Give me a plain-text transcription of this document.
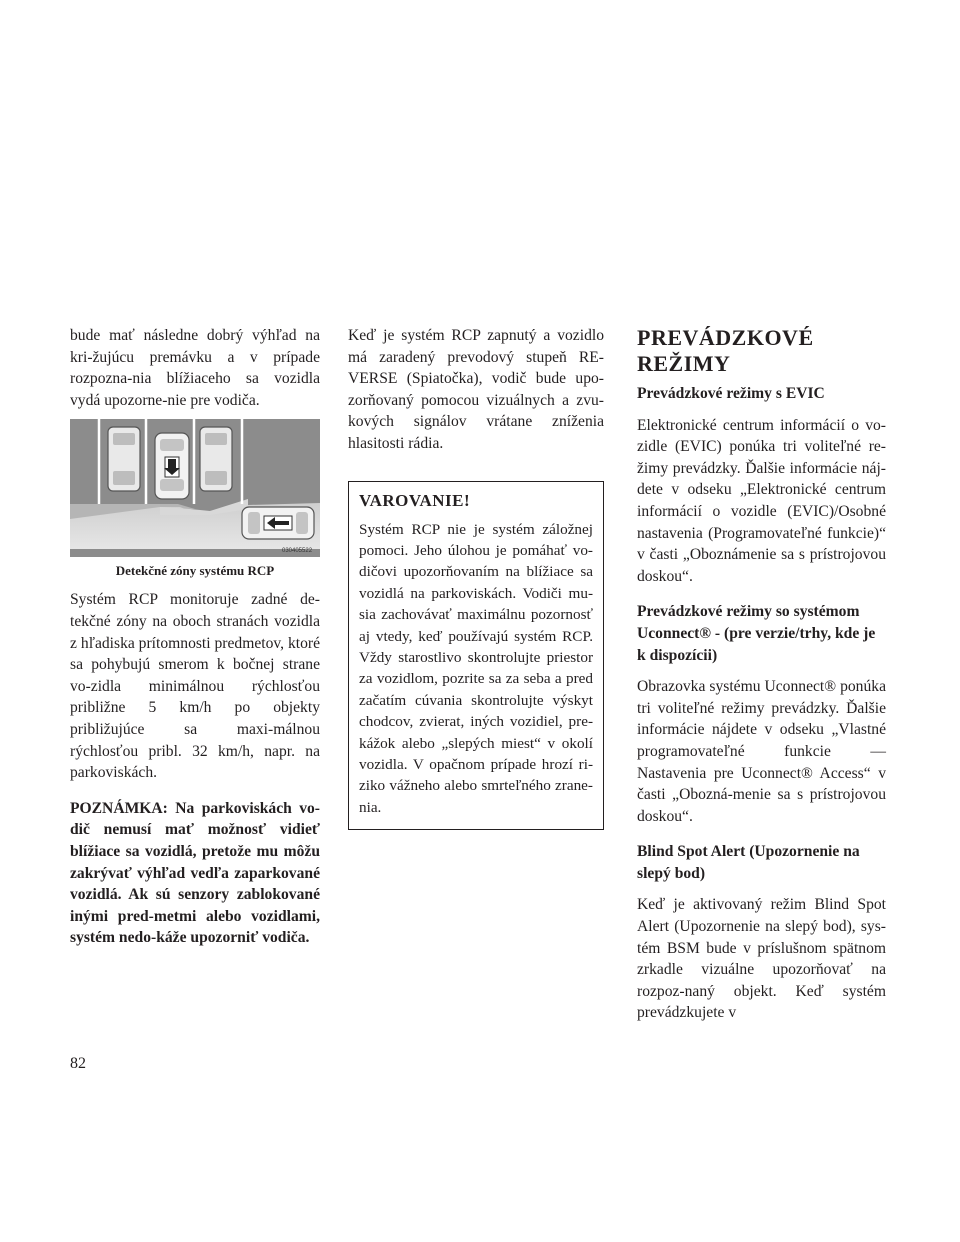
bude mať následne dobrý výhľad na kri-žujúcu premávku a v prípade rozpozna-nia blížiaceho sa vozidla vydá upozorne-nie pre vodiča.

030405522
Detekčné zóny systému RCP

Systém RCP monitoruje zadné de-tekčné zóny na oboch stranách vozidla z hľadiska prítomnosti predmetov, ktoré sa pohybujú smerom k bočnej strane vo-zidla minimálnou rýchlosťou približne 5 km/h po objekty približujúce sa maxi-málnou rýchlosťou pribl. 32 km/h, napr. na parkoviskách.

POZNÁMKA: Na parkoviskách vo-dič nemusí mať možnosť vidieť blížiace sa vozidlá, pretože mu môžu zakrývať výhľad vedľa zaparkované vozidlá. Ak sú senzory zablokované inými pred-metmi alebo vozidlami, systém nedo-káže upozorniť vodiča.

Keď je systém RCP zapnutý a vozidlo má zaradený prevodový stupeň RE-VERSE (Spiatočka), vodič bude upo-zorňovaný pomocou vizuálnych a zvu-kových signálov vrátane zníženia hlasitosti rádia.

VAROVANIE!

Systém RCP nie je systém záložnej pomoci. Jeho úlohou je pomáhať vo-dičovi upozorňovaním na blížiace sa vozidlá na parkoviskách. Vodiči mu-sia zachovávať maximálnu pozornosť aj vtedy, keď používajú systém RCP. Vždy starostlivo skontrolujte priestor za vozidlom, pozrite sa za seba a pred začatím cúvania skontrolujte výskyt chodcov, zvierat, iných vozidiel, pre-kážok alebo „slepých miest“ v okolí vozidla. V opačnom prípade hrozí ri-ziko vážneho alebo smrteľného zrane-nia.

PREVÁDZKOVÉ REŽIMY
Prevádzkové režimy s EVIC

Elektronické centrum informácií o vo-zidle (EVIC) ponúka tri voliteľné re-žimy prevádzky. Ďalšie informácie náj-dete v odseku „Elektronické centrum informácií o vozidle (EVIC)/Osobné nastavenia (Programovateľné funkcie)“ v časti „Oboznámenie sa s prístrojovou doskou“.

Prevádzkové režimy so systémom Uconnect® - (pre verzie/trhy, kde je k dispozícii)

Obrazovka systému Uconnect® ponúka tri voliteľné režimy prevádzky. Ďalšie informácie nájdete v odseku „Vlastné programovateľné funkcie — Nastavenia pre Uconnect® Access“ v časti „Obozná-menie sa s prístrojovou doskou“.

Blind Spot Alert (Upozornenie na slepý bod)

Keď je aktivovaný režim Blind Spot Alert (Upozornenie na slepý bod), sys-tém BSM bude v príslušnom spätnom zrkadle vizuálne upozorňovať na rozpoz-naný objekt. Keď systém prevádzkujete v

82
